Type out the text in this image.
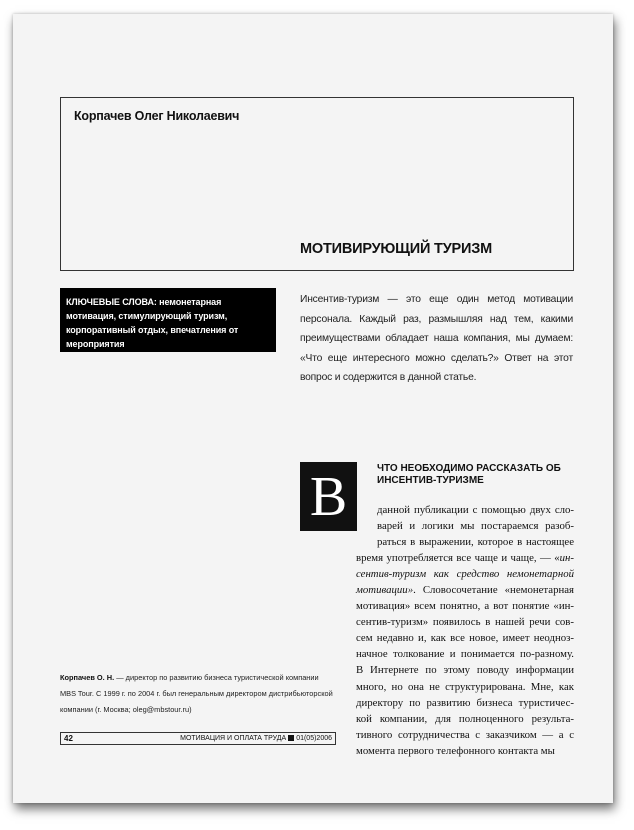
Корпачев Олег Николаевич
МОТИВИРУЮЩИЙ ТУРИЗМ
КЛЮЧЕВЫЕ СЛОВА: немонетарная мотивация, стимулирующий туризм, корпоративный отдых, впечатления от мероприятия
Инсентив-туризм — это еще один метод мотивации персонала. Каждый раз, размышляя над тем, какими преимуществами обладает наша компания, мы думаем: «Что еще интересного можно сделать?» Ответ на этот вопрос и содержится в данной статье.
В	ЧТО НЕОБХОДИМО РАССКАЗАТЬ ОБ ИНСЕНТИВ-ТУРИЗМЕ
данной публикации с помощью двух сло-
варей и логики мы постараемся разоб-
раться в выражении, которое в настоящее
время употребляется все чаще и чаще, — «ин-
сентив-туризм как средство немонетарной
мотивации». Словосочетание «немонетарная
мотивация» всем понятно, а вот понятие «ин-
сентив-туризм» появилось в нашей речи сов-
сем недавно и, как все новое, имеет неоднoз-
начное толкование и понимается по-разному.
В Интернете по этому поводу информации
много, но она не структурирована. Мне, как
директору по развитию бизнеса туристичес-
кой компании, для полноценного результа-
тивного сотрудничества с заказчиком — а с
момента первого телефонного контакта мы
Корпачев О. Н. — директор по развитию бизнеса туристической компании MBS Tour. С 1999 г. по 2004 г. был генеральным директором дистрибьюторской компании (г. Москва; oleg@mbstour.ru)
42	МОТИВАЦИЯ И ОПЛАТА ТРУДА 01(05)2006
